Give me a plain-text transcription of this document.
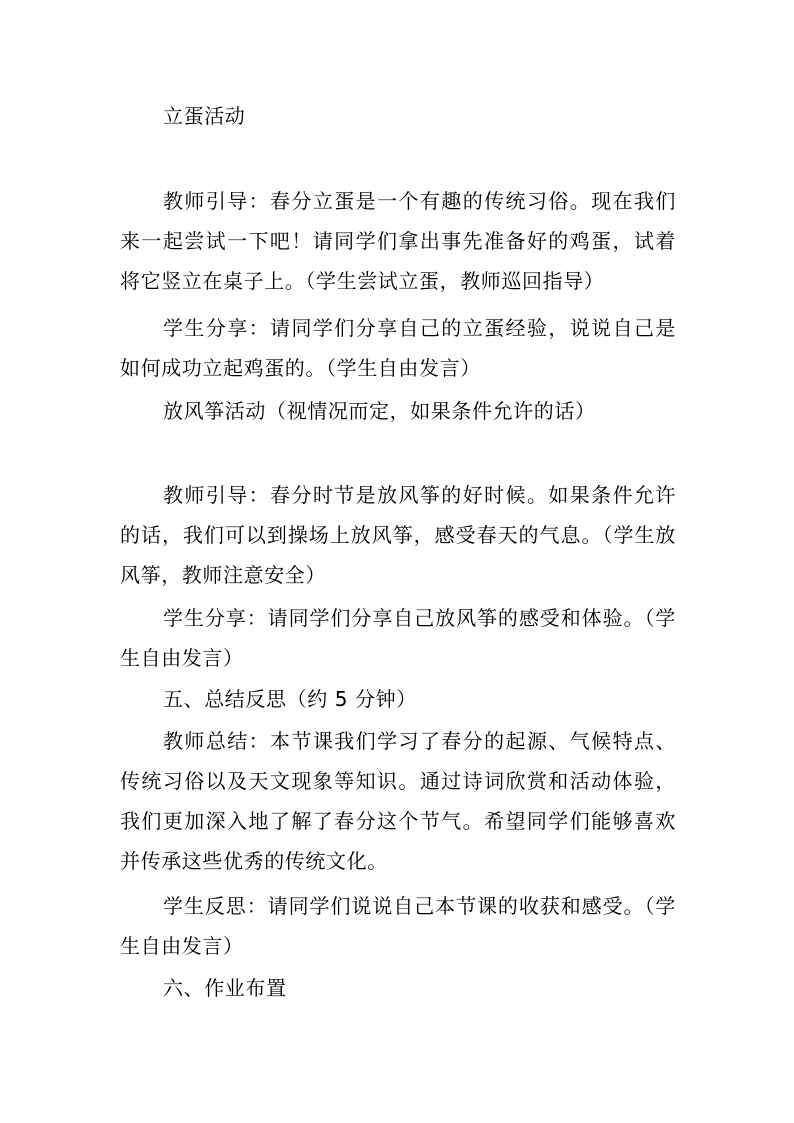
立蛋活动

教师引导：春分立蛋是一个有趣的传统习俗。现在我们来一起尝试一下吧！请同学们拿出事先准备好的鸡蛋，试着将它竖立在桌子上。（学生尝试立蛋，教师巡回指导）

学生分享：请同学们分享自己的立蛋经验，说说自己是如何成功立起鸡蛋的。（学生自由发言）

放风筝活动（视情况而定，如果条件允许的话）

教师引导：春分时节是放风筝的好时候。如果条件允许的话，我们可以到操场上放风筝，感受春天的气息。（学生放风筝，教师注意安全）

学生分享：请同学们分享自己放风筝的感受和体验。（学生自由发言）

五、总结反思（约 5 分钟）

教师总结：本节课我们学习了春分的起源、气候特点、传统习俗以及天文现象等知识。通过诗词欣赏和活动体验，我们更加深入地了解了春分这个节气。希望同学们能够喜欢并传承这些优秀的传统文化。

学生反思：请同学们说说自己本节课的收获和感受。（学生自由发言）

六、作业布置
